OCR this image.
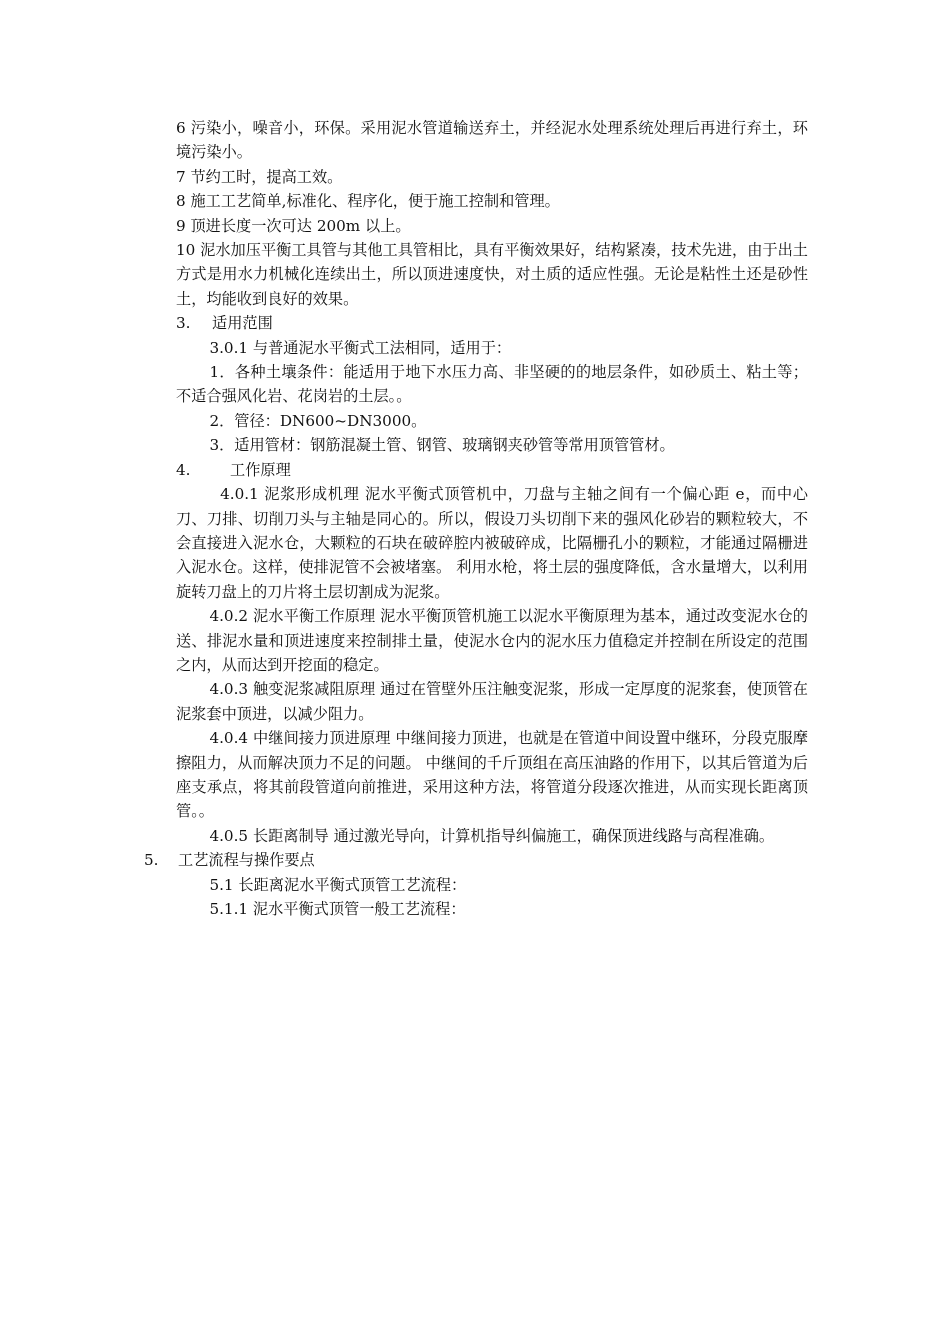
6 污染小，噪音小，环保。采用泥水管道输送弃土，并经泥水处理系统处理后再进行弃土，环境污染小。

7 节约工时，提高工效。

8 施工工艺简单,标准化、程序化，便于施工控制和管理。

9 顶进长度一次可达 200m 以上。

10 泥水加压平衡工具管与其他工具管相比，具有平衡效果好，结构紧凑，技术先进，由于出土方式是用水力机械化连续出土，所以顶进速度快，对土质的适应性强。无论是粘性土还是砂性土，均能收到良好的效果。

3. 适用范围

3.0.1 与普通泥水平衡式工法相同，适用于：

1．各种土壤条件：能适用于地下水压力高、非坚硬的的地层条件，如砂质土、粘土等；不适合强风化岩、花岗岩的土层。。

2．管径：DN600~DN3000。

3．适用管材：钢筋混凝土管、钢管、玻璃钢夹砂管等常用顶管管材。

4.	工作原理

4.0.1 泥浆形成机理 泥水平衡式顶管机中，刀盘与主轴之间有一个偏心距 e，而中心刀、刀排、切削刀头与主轴是同心的。所以，假设刀头切削下来的强风化砂岩的颗粒较大，不会直接进入泥水仓，大颗粒的石块在破碎腔内被破碎成，比隔栅孔小的颗粒，才能通过隔栅进入泥水仓。这样，使排泥管不会被堵塞。 利用水枪，将土层的强度降低，含水量增大，以利用旋转刀盘上的刀片将土层切割成为泥浆。

4.0.2 泥水平衡工作原理 泥水平衡顶管机施工以泥水平衡原理为基本，通过改变泥水仓的送、排泥水量和顶进速度来控制排土量，使泥水仓内的泥水压力值稳定并控制在所设定的范围之内，从而达到开挖面的稳定。

4.0.3 触变泥浆减阻原理 通过在管壁外压注触变泥浆，形成一定厚度的泥浆套，使顶管在泥浆套中顶进，以减少阻力。

4.0.4 中继间接力顶进原理 中继间接力顶进，也就是在管道中间设置中继环，分段克服摩擦阻力，从而解决顶力不足的问题。 中继间的千斤顶组在高压油路的作用下，以其后管道为后座支承点，将其前段管道向前推进，采用这种方法，将管道分段逐次推进，从而实现长距离顶管。。

4.0.5 长距离制导 通过激光导向，计算机指导纠偏施工，确保顶进线路与高程准确。

5. 工艺流程与操作要点

5.1 长距离泥水平衡式顶管工艺流程：

5.1.1 泥水平衡式顶管一般工艺流程：
